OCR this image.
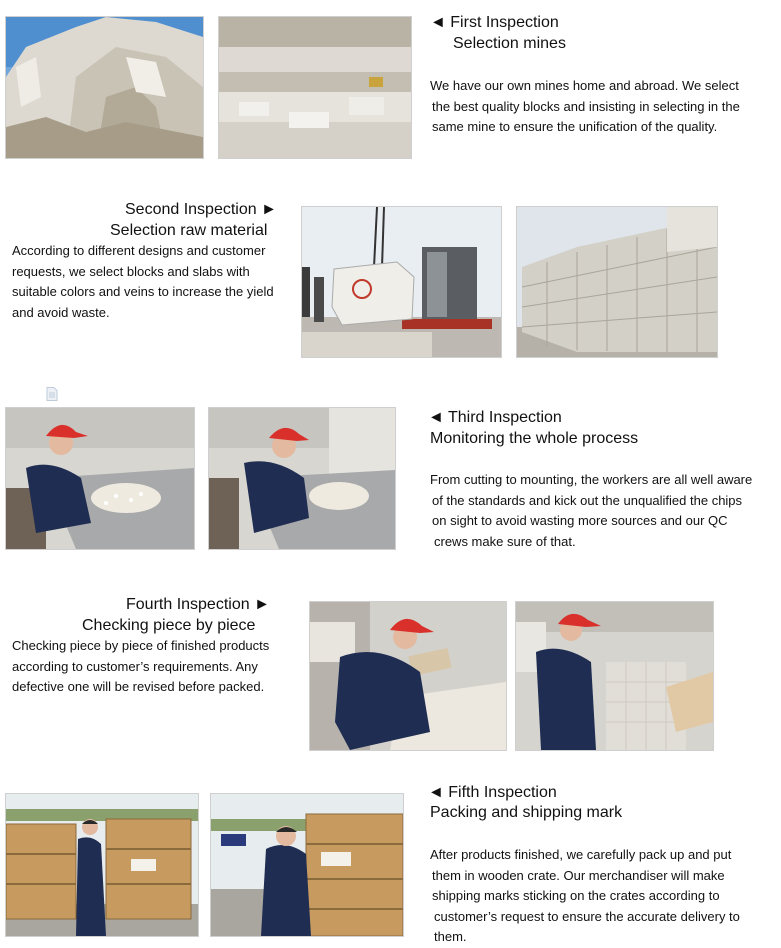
◄ First Inspection
Selection mines
We have our own mines home and abroad. We select
the best quality blocks and insisting in selecting in the
same mine to ensure the unification of the quality.
Second Inspection ►
Selection raw material
According to different designs and customer
requests, we select blocks and slabs with
suitable colors and veins to increase the yield
and avoid waste.
◄ Third Inspection
Monitoring the whole process
From cutting to mounting, the workers are all well aware
of the standards and kick out the unqualified the chips
on sight to avoid wasting more sources and our QC
crews make sure of that.
Fourth Inspection ►
Checking piece by piece
Checking piece by piece of finished products
according to customer’s requirements. Any
defective one will be revised before packed.
◄ Fifth Inspection
Packing and shipping mark
After products finished, we carefully pack up and put
them in wooden crate. Our merchandiser will make
shipping marks sticking on the crates according to
customer’s request to ensure the accurate delivery to
them.
